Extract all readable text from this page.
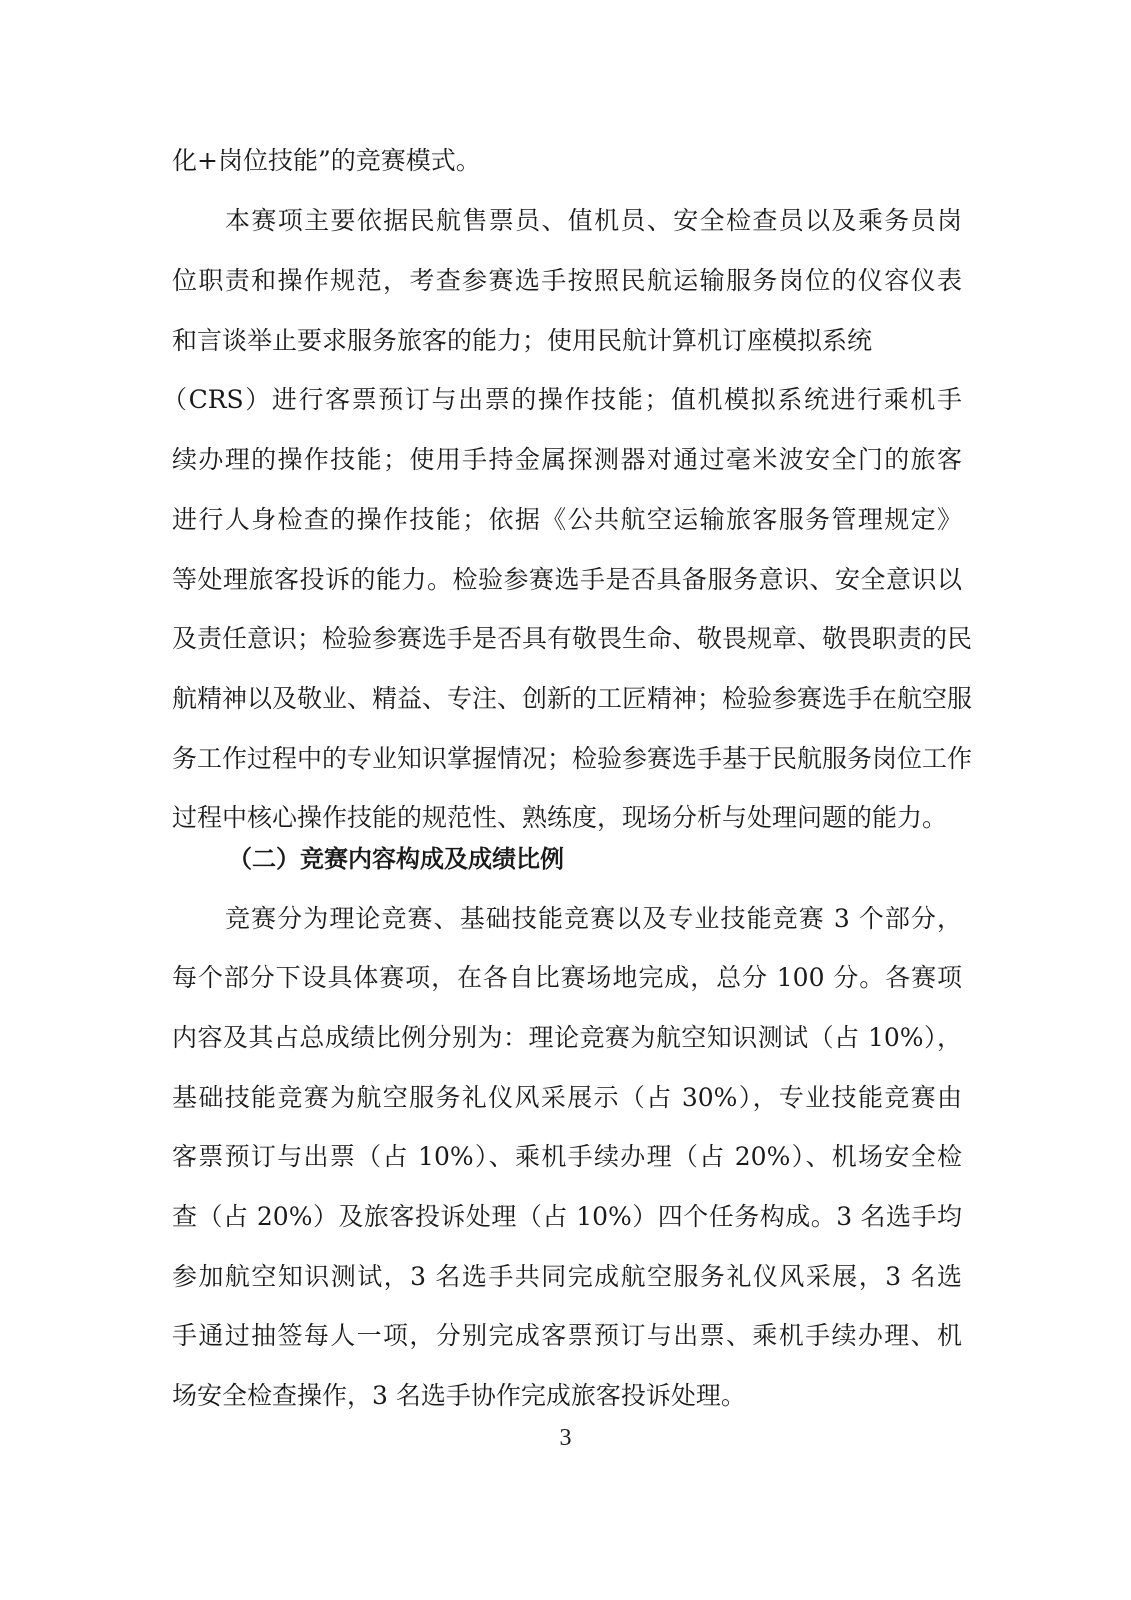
化+岗位技能”的竞赛模式。
本赛项主要依据民航售票员、值机员、安全检查员以及乘务员岗
位职责和操作规范，考查参赛选手按照民航运输服务岗位的仪容仪表
和言谈举止要求服务旅客的能力；使用民航计算机订座模拟系统
（CRS）进行客票预订与出票的操作技能；值机模拟系统进行乘机手
续办理的操作技能；使用手持金属探测器对通过毫米波安全门的旅客
进行人身检查的操作技能；依据《公共航空运输旅客服务管理规定》
等处理旅客投诉的能力。检验参赛选手是否具备服务意识、安全意识以
及责任意识；检验参赛选手是否具有敬畏生命、敬畏规章、敬畏职责的民
航精神以及敬业、精益、专注、创新的工匠精神；检验参赛选手在航空服
务工作过程中的专业知识掌握情况；检验参赛选手基于民航服务岗位工作
过程中核心操作技能的规范性、熟练度，现场分析与处理问题的能力。
（二）竞赛内容构成及成绩比例
竞赛分为理论竞赛、基础技能竞赛以及专业技能竞赛 3 个部分，
每个部分下设具体赛项，在各自比赛场地完成，总分 100 分。各赛项
内容及其占总成绩比例分别为：理论竞赛为航空知识测试（占 10%），
基础技能竞赛为航空服务礼仪风采展示（占 30%），专业技能竞赛由
客票预订与出票（占 10%）、乘机手续办理（占 20%）、机场安全检
查（占 20%）及旅客投诉处理（占 10%）四个任务构成。3 名选手均
参加航空知识测试，3 名选手共同完成航空服务礼仪风采展，3 名选
手通过抽签每人一项，分别完成客票预订与出票、乘机手续办理、机
场安全检查操作，3 名选手协作完成旅客投诉处理。
3
